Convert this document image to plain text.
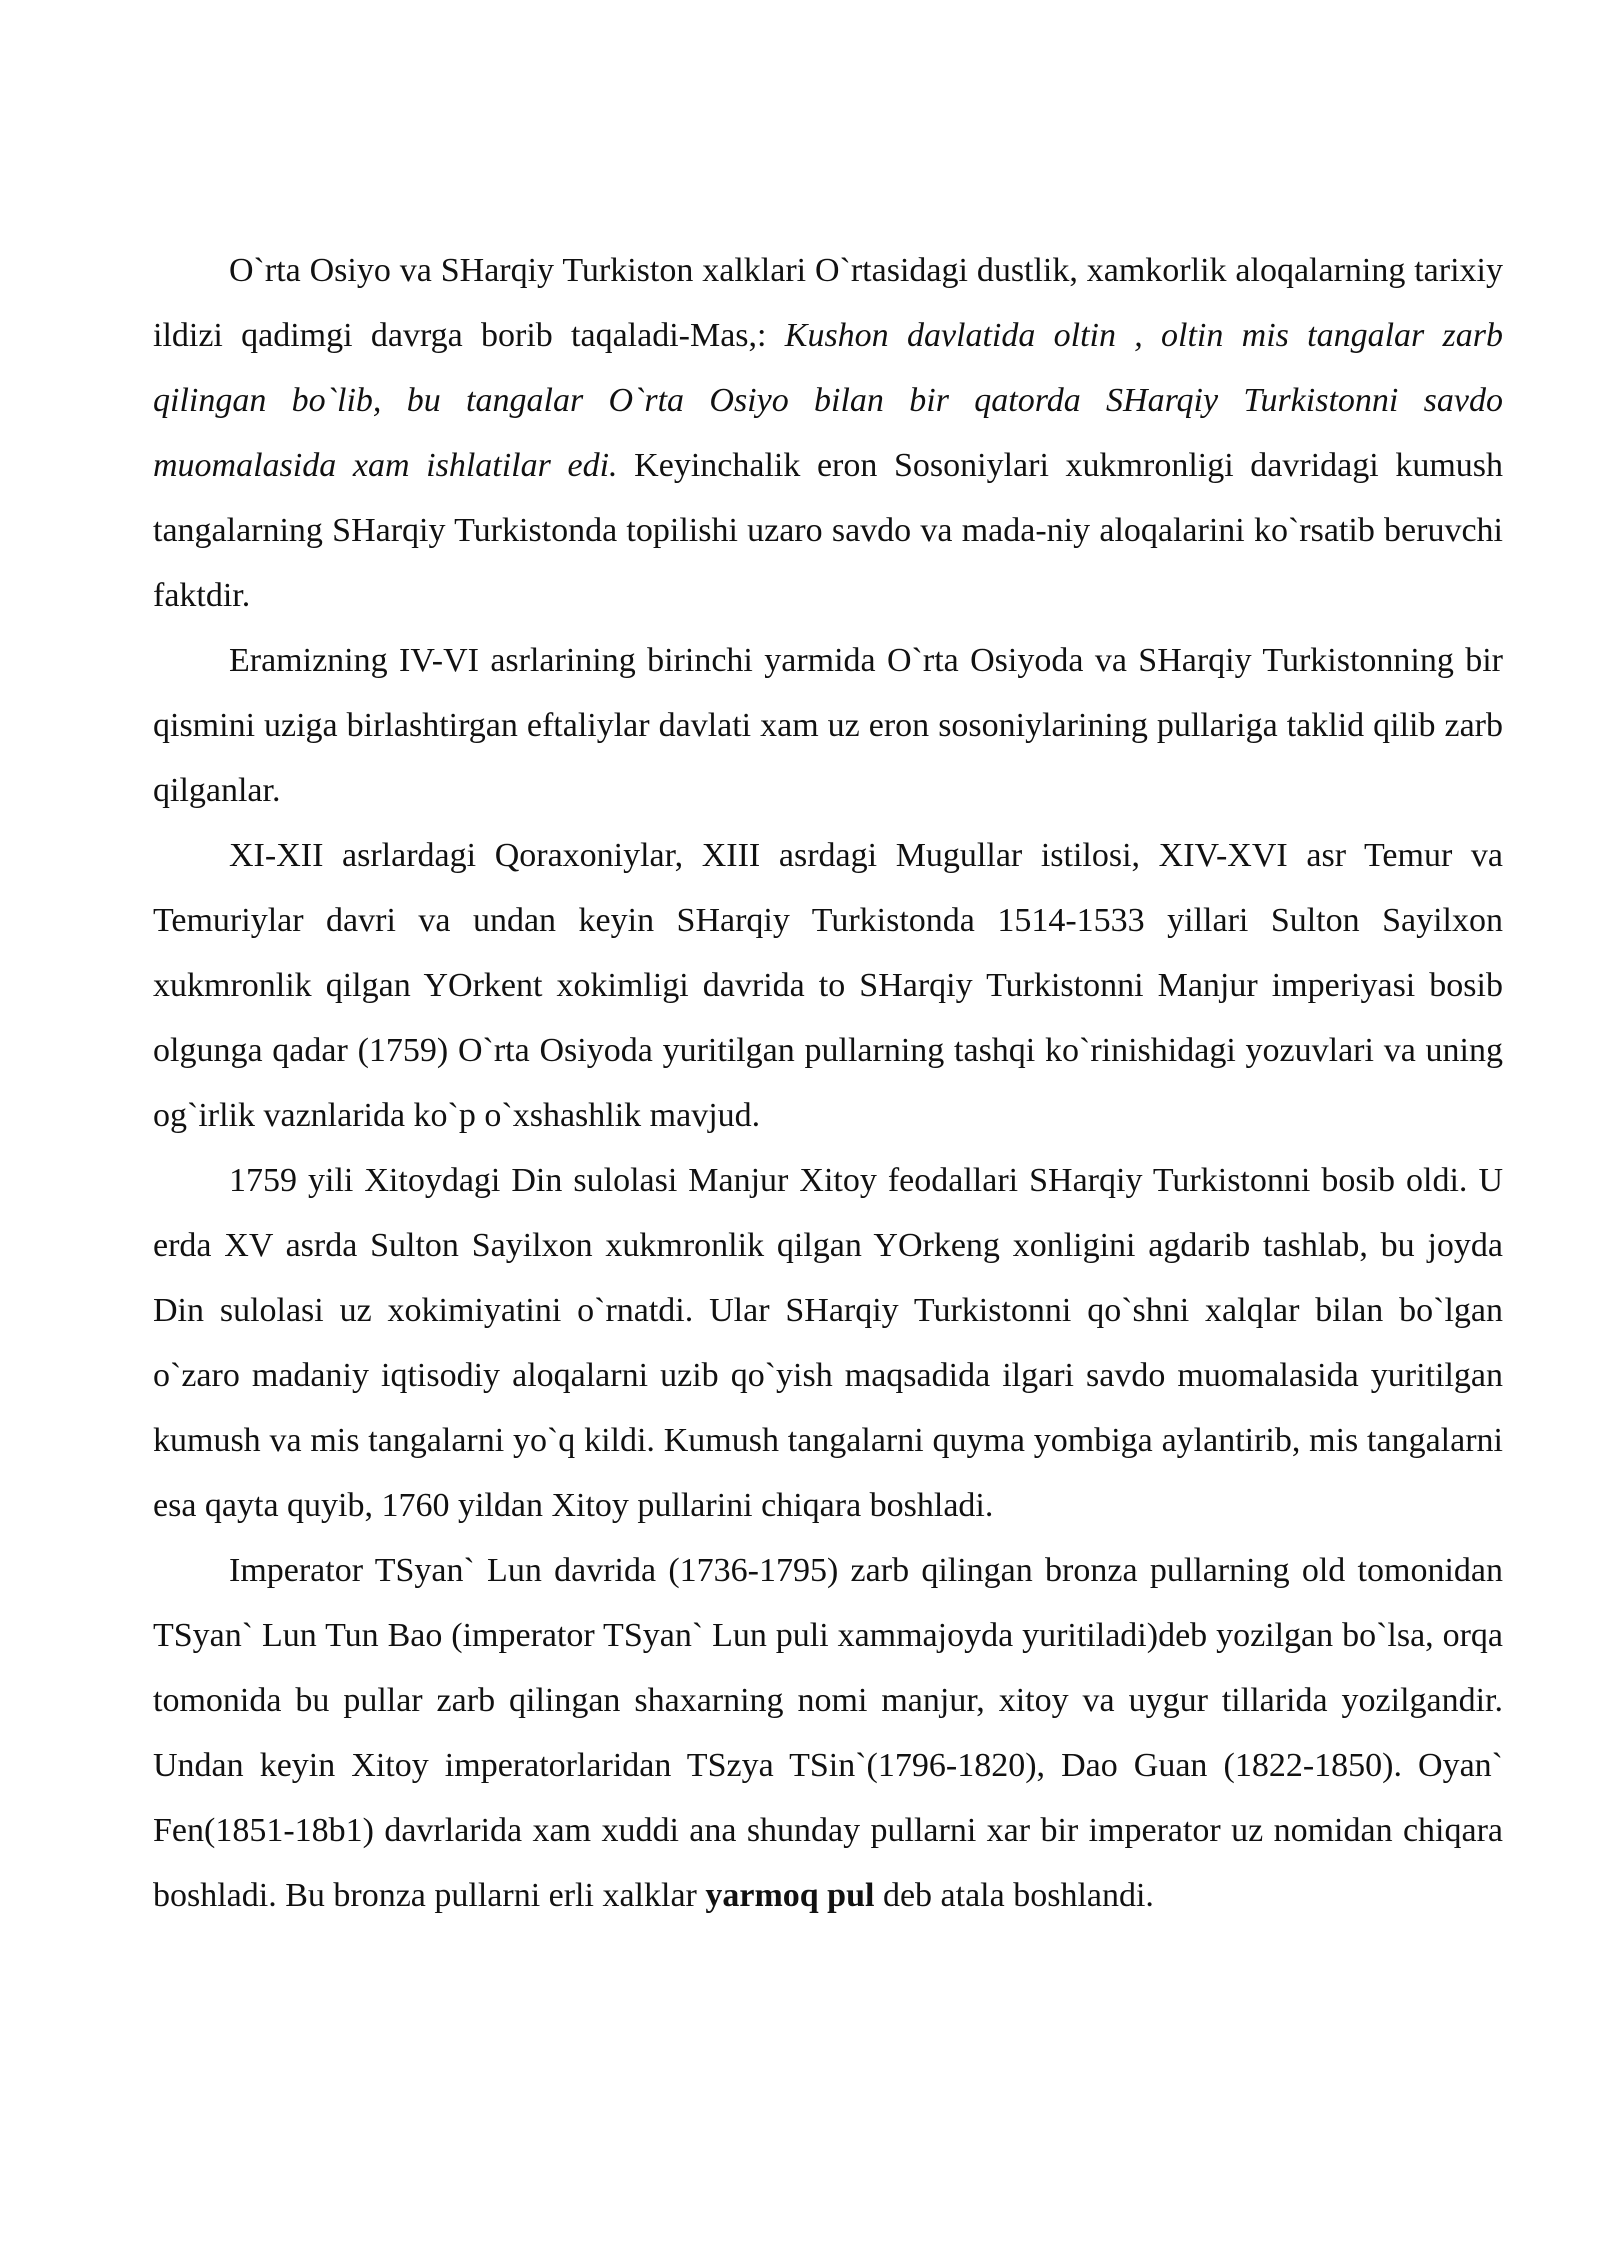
O`rta Osiyo va SHarqiy Turkiston xalklari O`rtasidagi dustlik, xamkorlik aloqalarning tarixiy ildizi qadimgi davrga borib taqaladi-Mas,: Kushon davlatida oltin , oltin mis tangalar zarb qilingan bo`lib, bu tangalar O`rta Osiyo bilan bir qatorda SHarqiy Turkistonni savdo muomalasida xam ishlatilar edi. Keyinchalik eron Sosoniylari xukmronligi davridagi kumush tangalarning SHarqiy Turkistonda topilishi uzaro savdo va mada-niy aloqalarini ko`rsatib beruvchi faktdir.

Eramizning IV-VI asrlarining birinchi yarmida O`rta Osiyoda va SHarqiy Turkistonning bir qismini uziga birlashtirgan eftaliylar davlati xam uz eron sosoniylarining pullariga taklid qilib zarb qilganlar.

XI-XII asrlardagi Qoraxoniylar, XIII asrdagi Mugullar istilosi, XIV-XVI asr Temur va Temuriylar davri va undan keyin SHarqiy Turkistonda 1514-1533 yillari Sulton Sayilxon xukmronlik qilgan YOrkent xokimligi davrida to SHarqiy Turkistonni Manjur imperiyasi bosib olgunga qadar (1759) O`rta Osiyoda yuritilgan pullarning tashqi ko`rinishidagi yozuvlari va uning og`irlik vaznlarida ko`p o`xshashlik mavjud.

1759 yili Xitoydagi Din sulolasi Manjur Xitoy feodallari SHarqiy Turkistonni bosib oldi. U erda XV asrda Sulton Sayilxon xukmronlik qilgan YOrkeng xonligini agdarib tashlab, bu joyda Din sulolasi uz xokimiyatini o`rnatdi. Ular SHarqiy Turkistonni qo`shni xalqlar bilan bo`lgan o`zaro madaniy iqtisodiy aloqalarni uzib qo`yish maqsadida ilgari savdo muomalasida yuritilgan kumush va mis tangalarni yo`q kildi. Kumush tangalarni quyma yombiga aylantirib, mis tangalarni esa qayta quyib, 1760 yildan Xitoy pullarini chiqara boshladi.

Imperator TSyan` Lun davrida (1736-1795) zarb qilingan bronza pullarning old tomonidan TSyan` Lun Tun Bao (imperator TSyan` Lun puli xammajoyda yuritiladi)deb yozilgan bo`lsa, orqa tomonida bu pullar zarb qilingan shaxarning nomi manjur, xitoy va uygur tillarida yozilgandir. Undan keyin Xitoy imperatorlaridan TSzya TSin`(1796-1820), Dao Guan (1822-1850). Oyan` Fen(1851-18b1) davrlarida xam xuddi ana shunday pullarni xar bir imperator uz nomidan chiqara boshladi. Bu bronza pullarni erli xalklar yarmoq pul deb atala boshlandi.
